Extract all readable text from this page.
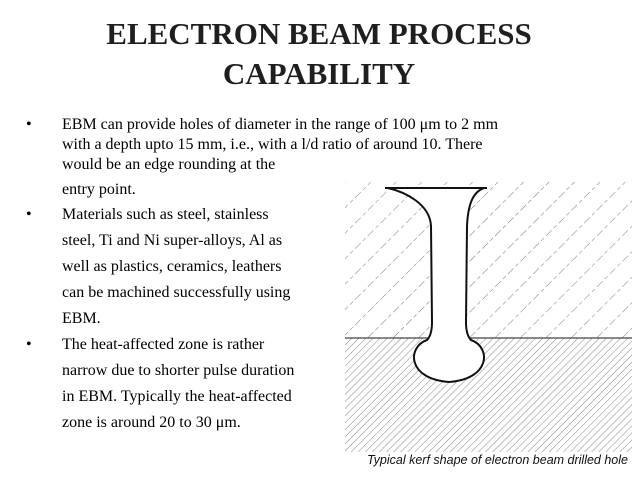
ELECTRON BEAM PROCESS
CAPABILITY
• EBM can provide holes of diameter in the range of 100 μm to 2 mm
with a depth upto 15 mm, i.e., with a l/d ratio of around 10. There
would be an edge rounding at the
entry point.
• Materials such as steel, stainless
steel, Ti and Ni super-alloys, Al as
well as plastics, ceramics, leathers
can be machined successfully using
EBM.
• The heat-affected zone is rather
narrow due to shorter pulse duration
in EBM. Typically the heat-affected
zone is around 20 to 30 μm.
Typical kerf shape of electron beam drilled hole
